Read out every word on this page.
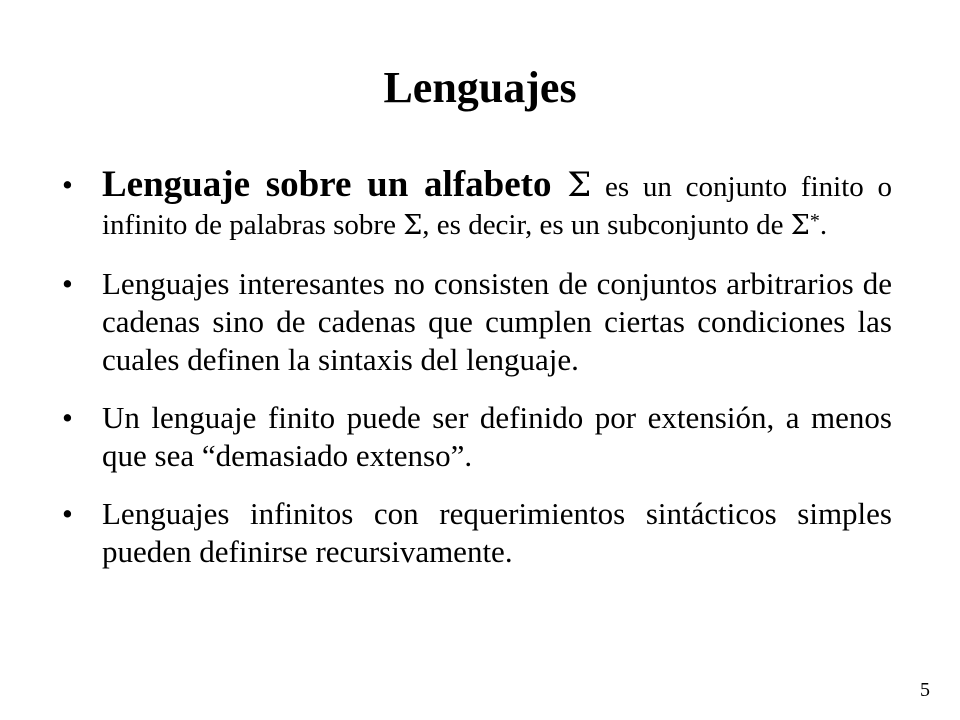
Lenguajes
• Lenguaje sobre un alfabeto Σ es un conjunto finito o infinito de palabras sobre Σ, es decir, es un subconjunto de Σ*.
• Lenguajes interesantes no consisten de conjuntos arbitrarios de cadenas sino de cadenas que cumplen ciertas condiciones las cuales definen la sintaxis del lenguaje.
• Un lenguaje finito puede ser definido por extensión, a menos que sea “demasiado extenso”.
• Lenguajes infinitos con requerimientos sintácticos simples pueden definirse recursivamente.
5
